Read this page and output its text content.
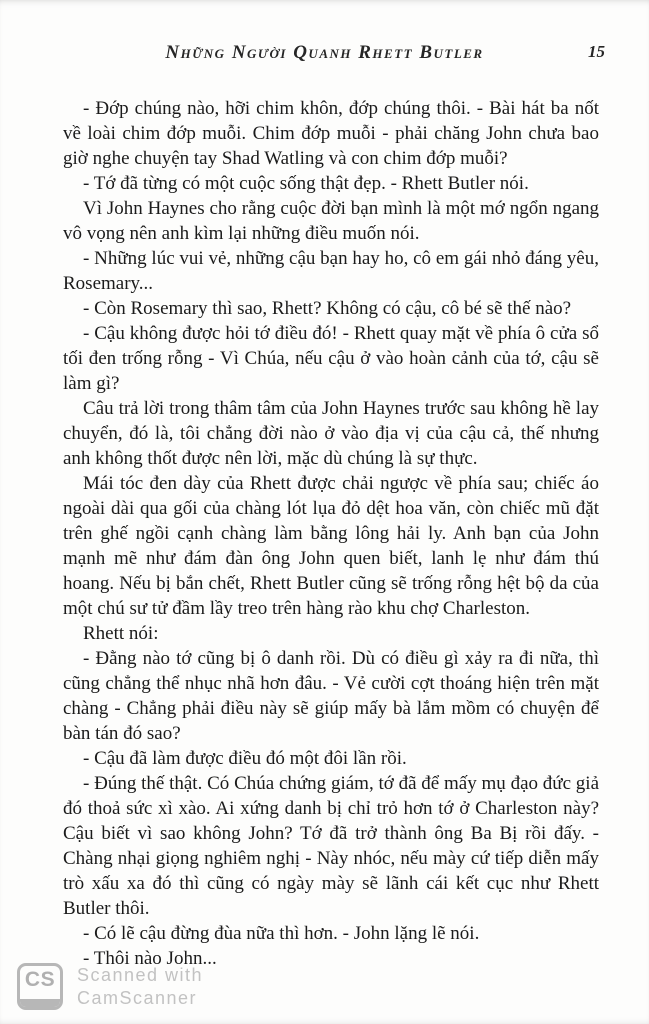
Những Người Quanh Rhett Butler	15

- Đớp chúng nào, hỡi chim khôn, đớp chúng thôi. - Bài hát ba nốt về loài chim đớp muỗi. Chim đớp muỗi - phải chăng John chưa bao giờ nghe chuyện tay Shad Watling và con chim đớp muỗi?

- Tớ đã từng có một cuộc sống thật đẹp. - Rhett Butler nói.

Vì John Haynes cho rằng cuộc đời bạn mình là một mớ ngổn ngang vô vọng nên anh kìm lại những điều muốn nói.

- Những lúc vui vẻ, những cậu bạn hay ho, cô em gái nhỏ đáng yêu, Rosemary...

- Còn Rosemary thì sao, Rhett? Không có cậu, cô bé sẽ thế nào?

- Cậu không được hỏi tớ điều đó! - Rhett quay mặt về phía ô cửa sổ tối đen trống rỗng - Vì Chúa, nếu cậu ở vào hoàn cảnh của tớ, cậu sẽ làm gì?

Câu trả lời trong thâm tâm của John Haynes trước sau không hề lay chuyển, đó là, tôi chẳng đời nào ở vào địa vị của cậu cả, thế nhưng anh không thốt được nên lời, mặc dù chúng là sự thực.

Mái tóc đen dày của Rhett được chải ngược về phía sau; chiếc áo ngoài dài qua gối của chàng lót lụa đỏ dệt hoa văn, còn chiếc mũ đặt trên ghế ngồi cạnh chàng làm bằng lông hải ly. Anh bạn của John mạnh mẽ như đám đàn ông John quen biết, lanh lẹ như đám thú hoang. Nếu bị bắn chết, Rhett Butler cũng sẽ trống rỗng hệt bộ da của một chú sư tử đầm lầy treo trên hàng rào khu chợ Charleston.

Rhett nói:

- Đằng nào tớ cũng bị ô danh rồi. Dù có điều gì xảy ra đi nữa, thì cũng chẳng thể nhục nhã hơn đâu. - Vẻ cười cợt thoáng hiện trên mặt chàng - Chẳng phải điều này sẽ giúp mấy bà lắm mồm có chuyện để bàn tán đó sao?

- Cậu đã làm được điều đó một đôi lần rồi.

- Đúng thế thật. Có Chúa chứng giám, tớ đã để mấy mụ đạo đức giả đó thoả sức xì xào. Ai xứng danh bị chỉ trỏ hơn tớ ở Charleston này? Cậu biết vì sao không John? Tớ đã trở thành ông Ba Bị rồi đấy. - Chàng nhại giọng nghiêm nghị - Này nhóc, nếu mày cứ tiếp diễn mấy trò xấu xa đó thì cũng có ngày mày sẽ lãnh cái kết cục như Rhett Butler thôi.

- Có lẽ cậu đừng đùa nữa thì hơn. - John lặng lẽ nói.

- Thôi nào John...

CS Scanned with
CamScanner
